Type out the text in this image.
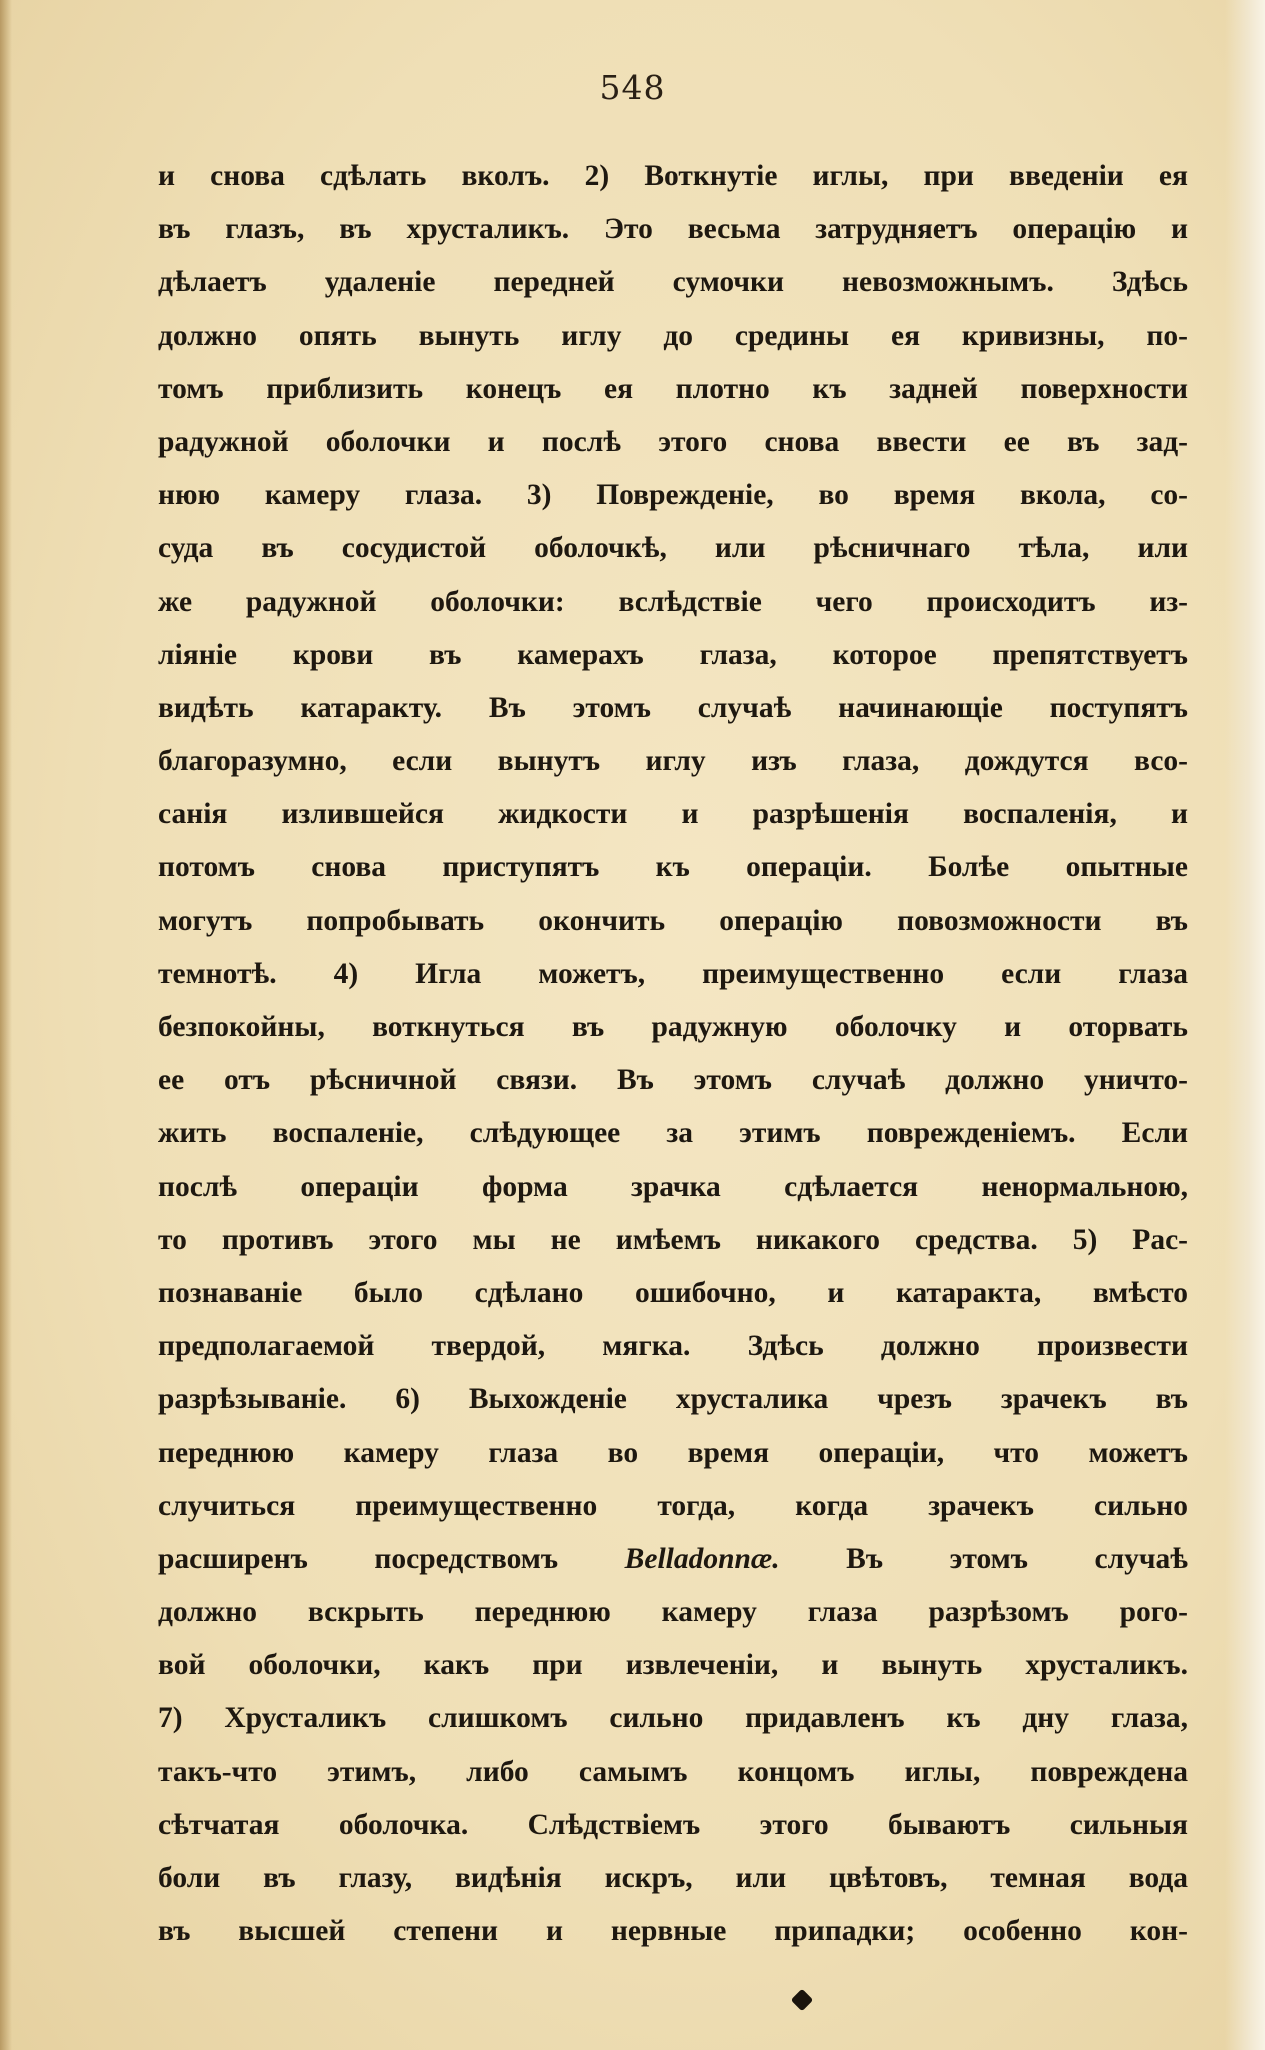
548
и снова сдѣлать вколъ. 2) Воткнутіе иглы, при введеніи ея
въ глазъ, въ хрусталикъ. Это весьма затрудняетъ операцію и
дѣлаетъ удаленіе передней сумочки невозможнымъ. Здѣсь
должно опять вынуть иглу до средины ея кривизны, по-
томъ приблизить конецъ ея плотно къ задней поверхности
радужной оболочки и послѣ этого снова ввести ее въ зад-
нюю камеру глаза. 3) Поврежденіе, во время вкола, со-
суда въ сосудистой оболочкѣ, или рѣсничнаго тѣла, или
же радужной оболочки: вслѣдствіе чего происходитъ из-
ліяніе крови въ камерахъ глаза, которое препятствуетъ
видѣть катаракту. Въ этомъ случаѣ начинающіе поступятъ
благоразумно, если вынутъ иглу изъ глаза, дождутся всо-
санія излившейся жидкости и разрѣшенія воспаленія, и
потомъ снова приступятъ къ операціи. Болѣе опытные
могутъ попробывать окончить операцію повозможности въ
темнотѣ. 4) Игла можетъ, преимущественно если глаза
безпокойны, воткнуться въ радужную оболочку и оторвать
ее отъ рѣсничной связи. Въ этомъ случаѣ должно уничто-
жить воспаленіе, слѣдующее за этимъ поврежденіемъ. Если
послѣ операціи форма зрачка сдѣлается ненормальною,
то противъ этого мы не имѣемъ никакого средства. 5) Рас-
познаваніе было сдѣлано ошибочно, и катаракта, вмѣсто
предполагаемой твердой, мягка. Здѣсь должно произвести
разрѣзываніе. 6) Выхожденіе хрусталика чрезъ зрачекъ въ
переднюю камеру глаза во время операціи, что можетъ
случиться преимущественно тогда, когда зрачекъ сильно
расширенъ посредствомъ Belladonnæ. Въ этомъ случаѣ
должно вскрыть переднюю камеру глаза разрѣзомъ рого-
вой оболочки, какъ при извлеченіи, и вынуть хрусталикъ.
7) Хрусталикъ слишкомъ сильно придавленъ къ дну глаза,
такъ-что этимъ, либо самымъ концомъ иглы, повреждена
сѣтчатая оболочка. Слѣдствіемъ этого бываютъ сильныя
боли въ глазу, видѣнія искръ, или цвѣтовъ, темная вода
въ высшей степени и нервные припадки; особенно кон-
